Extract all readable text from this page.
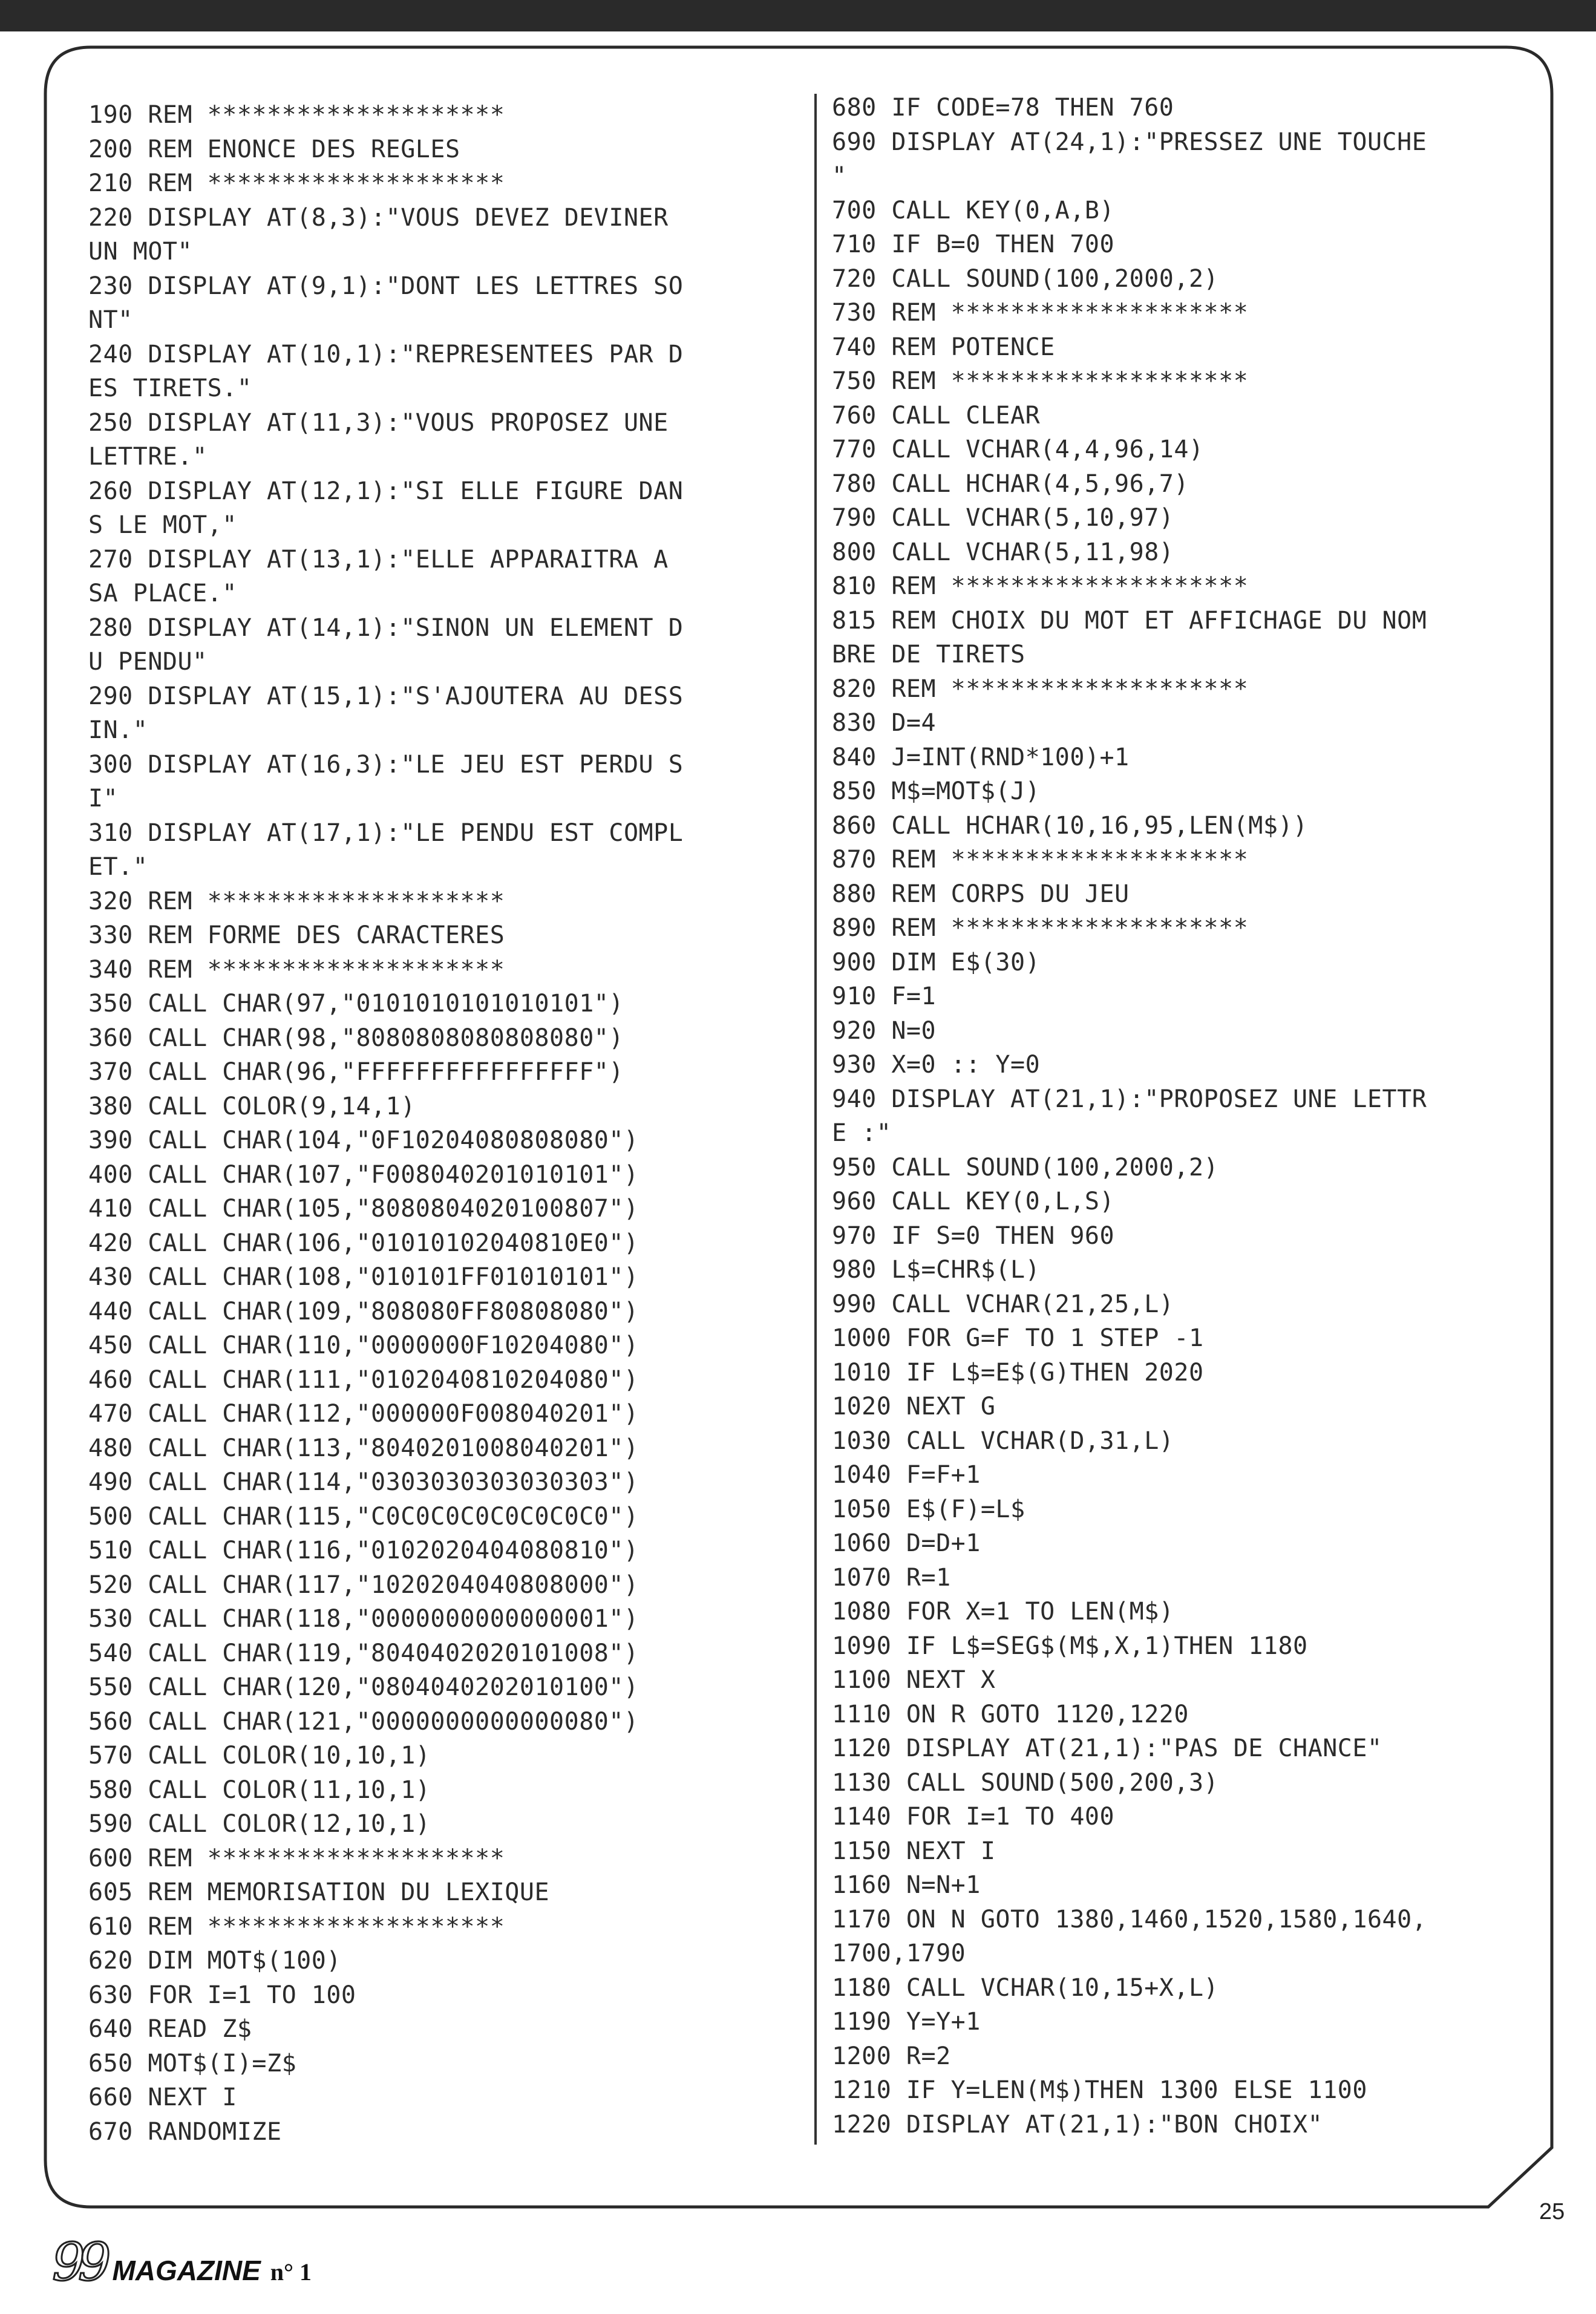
190 REM ********************
200 REM ENONCE DES REGLES
210 REM ********************
220 DISPLAY AT(8,3):"VOUS DEVEZ DEVINER
UN MOT"
230 DISPLAY AT(9,1):"DONT LES LETTRES SO
NT"
240 DISPLAY AT(10,1):"REPRESENTEES PAR D
ES TIRETS."
250 DISPLAY AT(11,3):"VOUS PROPOSEZ UNE
LETTRE."
260 DISPLAY AT(12,1):"SI ELLE FIGURE DAN
S LE MOT,"
270 DISPLAY AT(13,1):"ELLE APPARAITRA A
SA PLACE."
280 DISPLAY AT(14,1):"SINON UN ELEMENT D
U PENDU"
290 DISPLAY AT(15,1):"S'AJOUTERA AU DESS
IN."
300 DISPLAY AT(16,3):"LE JEU EST PERDU S
I"
310 DISPLAY AT(17,1):"LE PENDU EST COMPL
ET."
320 REM ********************
330 REM FORME DES CARACTERES
340 REM ********************
350 CALL CHAR(97,"0101010101010101")
360 CALL CHAR(98,"8080808080808080")
370 CALL CHAR(96,"FFFFFFFFFFFFFFFF")
380 CALL COLOR(9,14,1)
390 CALL CHAR(104,"0F10204080808080")
400 CALL CHAR(107,"F008040201010101")
410 CALL CHAR(105,"8080804020100807")
420 CALL CHAR(106,"01010102040810E0")
430 CALL CHAR(108,"010101FF01010101")
440 CALL CHAR(109,"808080FF80808080")
450 CALL CHAR(110,"0000000F10204080")
460 CALL CHAR(111,"0102040810204080")
470 CALL CHAR(112,"000000F008040201")
480 CALL CHAR(113,"8040201008040201")
490 CALL CHAR(114,"0303030303030303")
500 CALL CHAR(115,"C0C0C0C0C0C0C0C0")
510 CALL CHAR(116,"0102020404080810")
520 CALL CHAR(117,"1020204040808000")
530 CALL CHAR(118,"0000000000000001")
540 CALL CHAR(119,"8040402020101008")
550 CALL CHAR(120,"0804040202010100")
560 CALL CHAR(121,"0000000000000080")
570 CALL COLOR(10,10,1)
580 CALL COLOR(11,10,1)
590 CALL COLOR(12,10,1)
600 REM ********************
605 REM MEMORISATION DU LEXIQUE
610 REM ********************
620 DIM MOT$(100)
630 FOR I=1 TO 100
640 READ Z$
650 MOT$(I)=Z$
660 NEXT I
670 RANDOMIZE
680 IF CODE=78 THEN 760
690 DISPLAY AT(24,1):"PRESSEZ UNE TOUCHE
"
700 CALL KEY(0,A,B)
710 IF B=0 THEN 700
720 CALL SOUND(100,2000,2)
730 REM ********************
740 REM POTENCE
750 REM ********************
760 CALL CLEAR
770 CALL VCHAR(4,4,96,14)
780 CALL HCHAR(4,5,96,7)
790 CALL VCHAR(5,10,97)
800 CALL VCHAR(5,11,98)
810 REM ********************
815 REM CHOIX DU MOT ET AFFICHAGE DU NOM
BRE DE TIRETS
820 REM ********************
830 D=4
840 J=INT(RND*100)+1
850 M$=MOT$(J)
860 CALL HCHAR(10,16,95,LEN(M$))
870 REM ********************
880 REM CORPS DU JEU
890 REM ********************
900 DIM E$(30)
910 F=1
920 N=0
930 X=0 :: Y=0
940 DISPLAY AT(21,1):"PROPOSEZ UNE LETTR
E :"
950 CALL SOUND(100,2000,2)
960 CALL KEY(0,L,S)
970 IF S=0 THEN 960
980 L$=CHR$(L)
990 CALL VCHAR(21,25,L)
1000 FOR G=F TO 1 STEP -1
1010 IF L$=E$(G)THEN 2020
1020 NEXT G
1030 CALL VCHAR(D,31,L)
1040 F=F+1
1050 E$(F)=L$
1060 D=D+1
1070 R=1
1080 FOR X=1 TO LEN(M$)
1090 IF L$=SEG$(M$,X,1)THEN 1180
1100 NEXT X
1110 ON R GOTO 1120,1220
1120 DISPLAY AT(21,1):"PAS DE CHANCE"
1130 CALL SOUND(500,200,3)
1140 FOR I=1 TO 400
1150 NEXT I
1160 N=N+1
1170 ON N GOTO 1380,1460,1520,1580,1640,
1700,1790
1180 CALL VCHAR(10,15+X,L)
1190 Y=Y+1
1200 R=2
1210 IF Y=LEN(M$)THEN 1300 ELSE 1100
1220 DISPLAY AT(21,1):"BON CHOIX"
25
99 MAGAZINE n° 1
